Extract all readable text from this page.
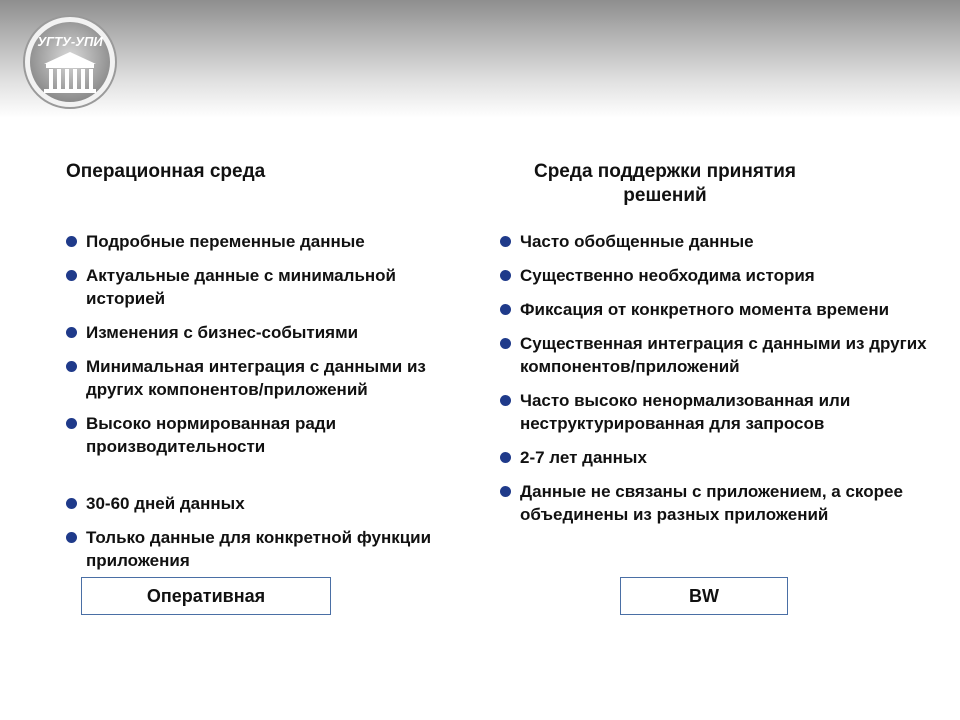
УГТУ-УПИ
Операционная среда
Подробные переменные данные
Актуальные данные с минимальной историей
Изменения с бизнес-событиями
Минимальная интеграция с данными из других компонентов/приложений
Высоко нормированная ради производительности
30-60 дней данных
Только данные для конкретной функции приложения
Среда поддержки принятия решений
Часто обобщенные данные
Существенно необходима история
Фиксация от конкретного момента времени
Существенная интеграция с данными из других компонентов/приложений
Часто высоко ненормализованная или неструктурированная для запросов
2-7 лет данных
Данные не связаны с приложением, а скорее объединены из разных приложений
Оперативная	BW
